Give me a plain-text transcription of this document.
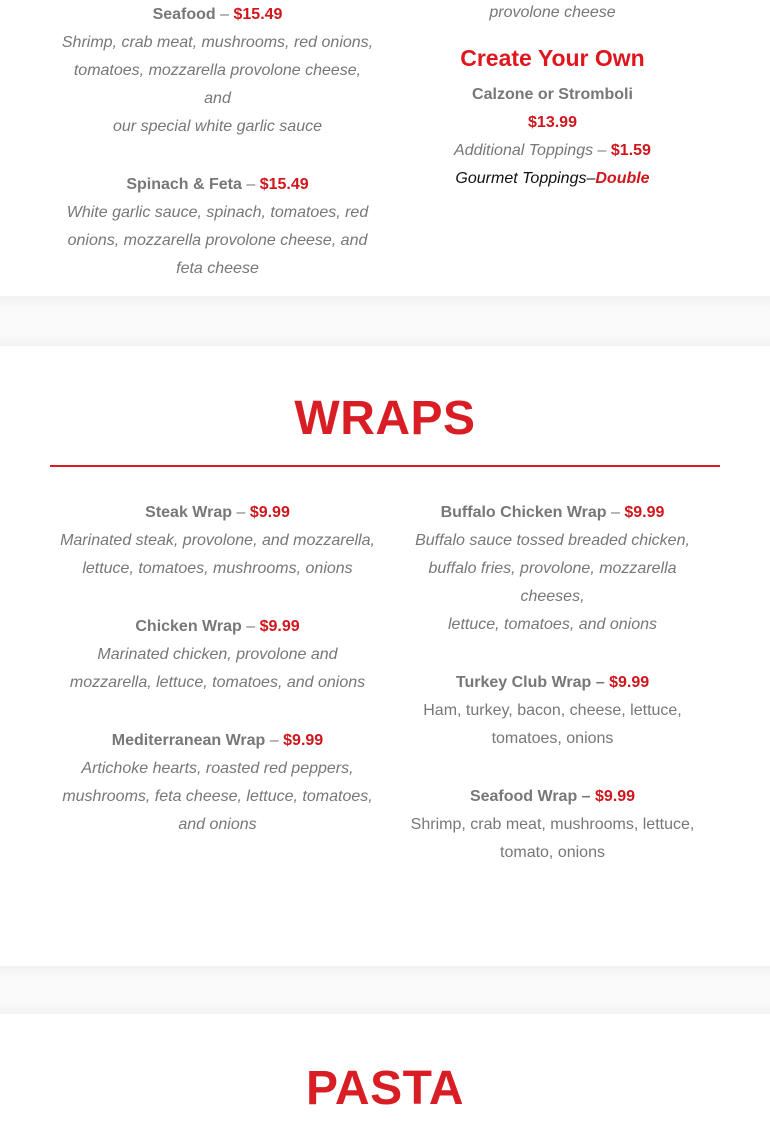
Seafood – $15.49
Shrimp, crab meat, mushrooms, red onions,
tomatoes, mozzarella provolone cheese, and
our special white garlic sauce
Spinach & Feta – $15.49
White garlic sauce, spinach, tomatoes, red
onions, mozzarella provolone cheese, and
feta cheese
provolone cheese
Create Your Own
Calzone or Stromboli
$13.99
Additional Toppings – $1.59
Gourmet Toppings–Double
WRAPS
Steak Wrap – $9.99
Marinated steak, provolone, and mozzarella,
lettuce, tomatoes, mushrooms, onions
Chicken Wrap – $9.99
Marinated chicken, provolone and
mozzarella, lettuce, tomatoes, and onions
Mediterranean Wrap – $9.99
Artichoke hearts, roasted red peppers,
mushrooms, feta cheese, lettuce, tomatoes,
and onions
Buffalo Chicken Wrap – $9.99
Buffalo sauce tossed breaded chicken,
buffalo fries, provolone, mozzarella cheeses,
lettuce, tomatoes, and onions
Turkey Club Wrap – $9.99
Ham, turkey, bacon, cheese, lettuce,
tomatoes, onions
Seafood Wrap – $9.99
Shrimp, crab meat, mushrooms, lettuce,
tomato, onions
PASTA
